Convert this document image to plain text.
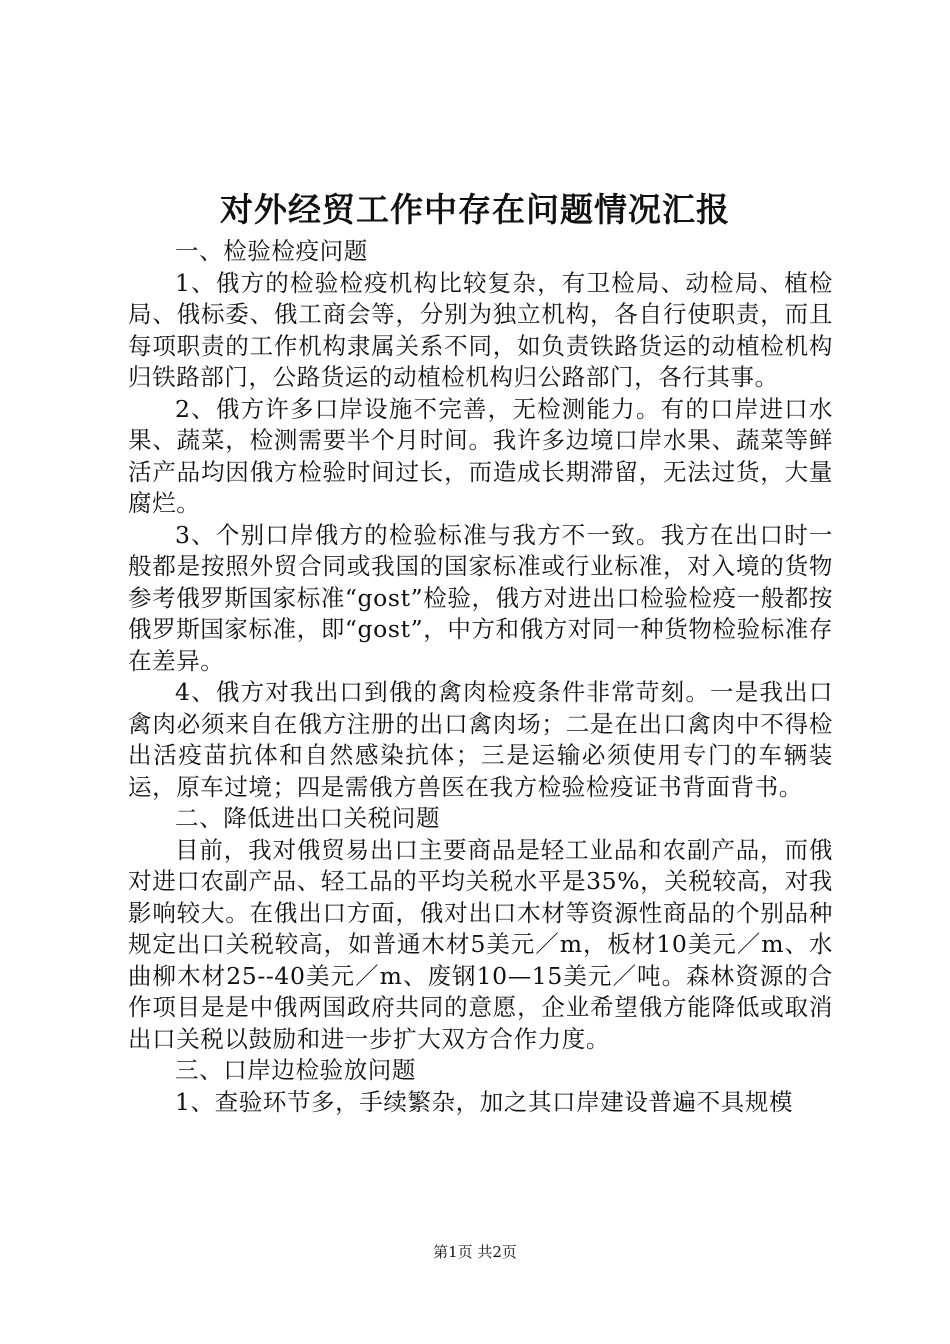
对外经贸工作中存在问题情况汇报

一、检验检疫问题

1、俄方的检验检疫机构比较复杂，有卫检局、动检局、植检局、俄标委、俄工商会等，分别为独立机构，各自行使职责，而且每项职责的工作机构隶属关系不同，如负责铁路货运的动植检机构归铁路部门，公路货运的动植检机构归公路部门，各行其事。

2、俄方许多口岸设施不完善，无检测能力。有的口岸进口水果、蔬菜，检测需要半个月时间。我许多边境口岸水果、蔬菜等鲜活产品均因俄方检验时间过长，而造成长期滞留，无法过货，大量腐烂。

3、个别口岸俄方的检验标准与我方不一致。我方在出口时一般都是按照外贸合同或我国的国家标准或行业标准，对入境的货物参考俄罗斯国家标准“gost”检验，俄方对进出口检验检疫一般都按俄罗斯国家标准，即“gost”，中方和俄方对同一种货物检验标准存在差异。

4、俄方对我出口到俄的禽肉检疫条件非常苛刻。一是我出口禽肉必须来自在俄方注册的出口禽肉场；二是在出口禽肉中不得检出活疫苗抗体和自然感染抗体；三是运输必须使用专门的车辆装运，原车过境；四是需俄方兽医在我方检验检疫证书背面背书。

二、降低进出口关税问题

目前，我对俄贸易出口主要商品是轻工业品和农副产品，而俄对进口农副产品、轻工品的平均关税水平是35%，关税较高，对我影响较大。在俄出口方面，俄对出口木材等资源性商品的个别品种规定出口关税较高，如普通木材5美元／m，板材10美元／m、水曲柳木材25--40美元／m、废钢10—15美元／吨。森林资源的合作项目是是中俄两国政府共同的意愿，企业希望俄方能降低或取消出口关税以鼓励和进一步扩大双方合作力度。

三、口岸边检验放问题

1、查验环节多，手续繁杂，加之其口岸建设普遍不具规模

第1页 共2页
